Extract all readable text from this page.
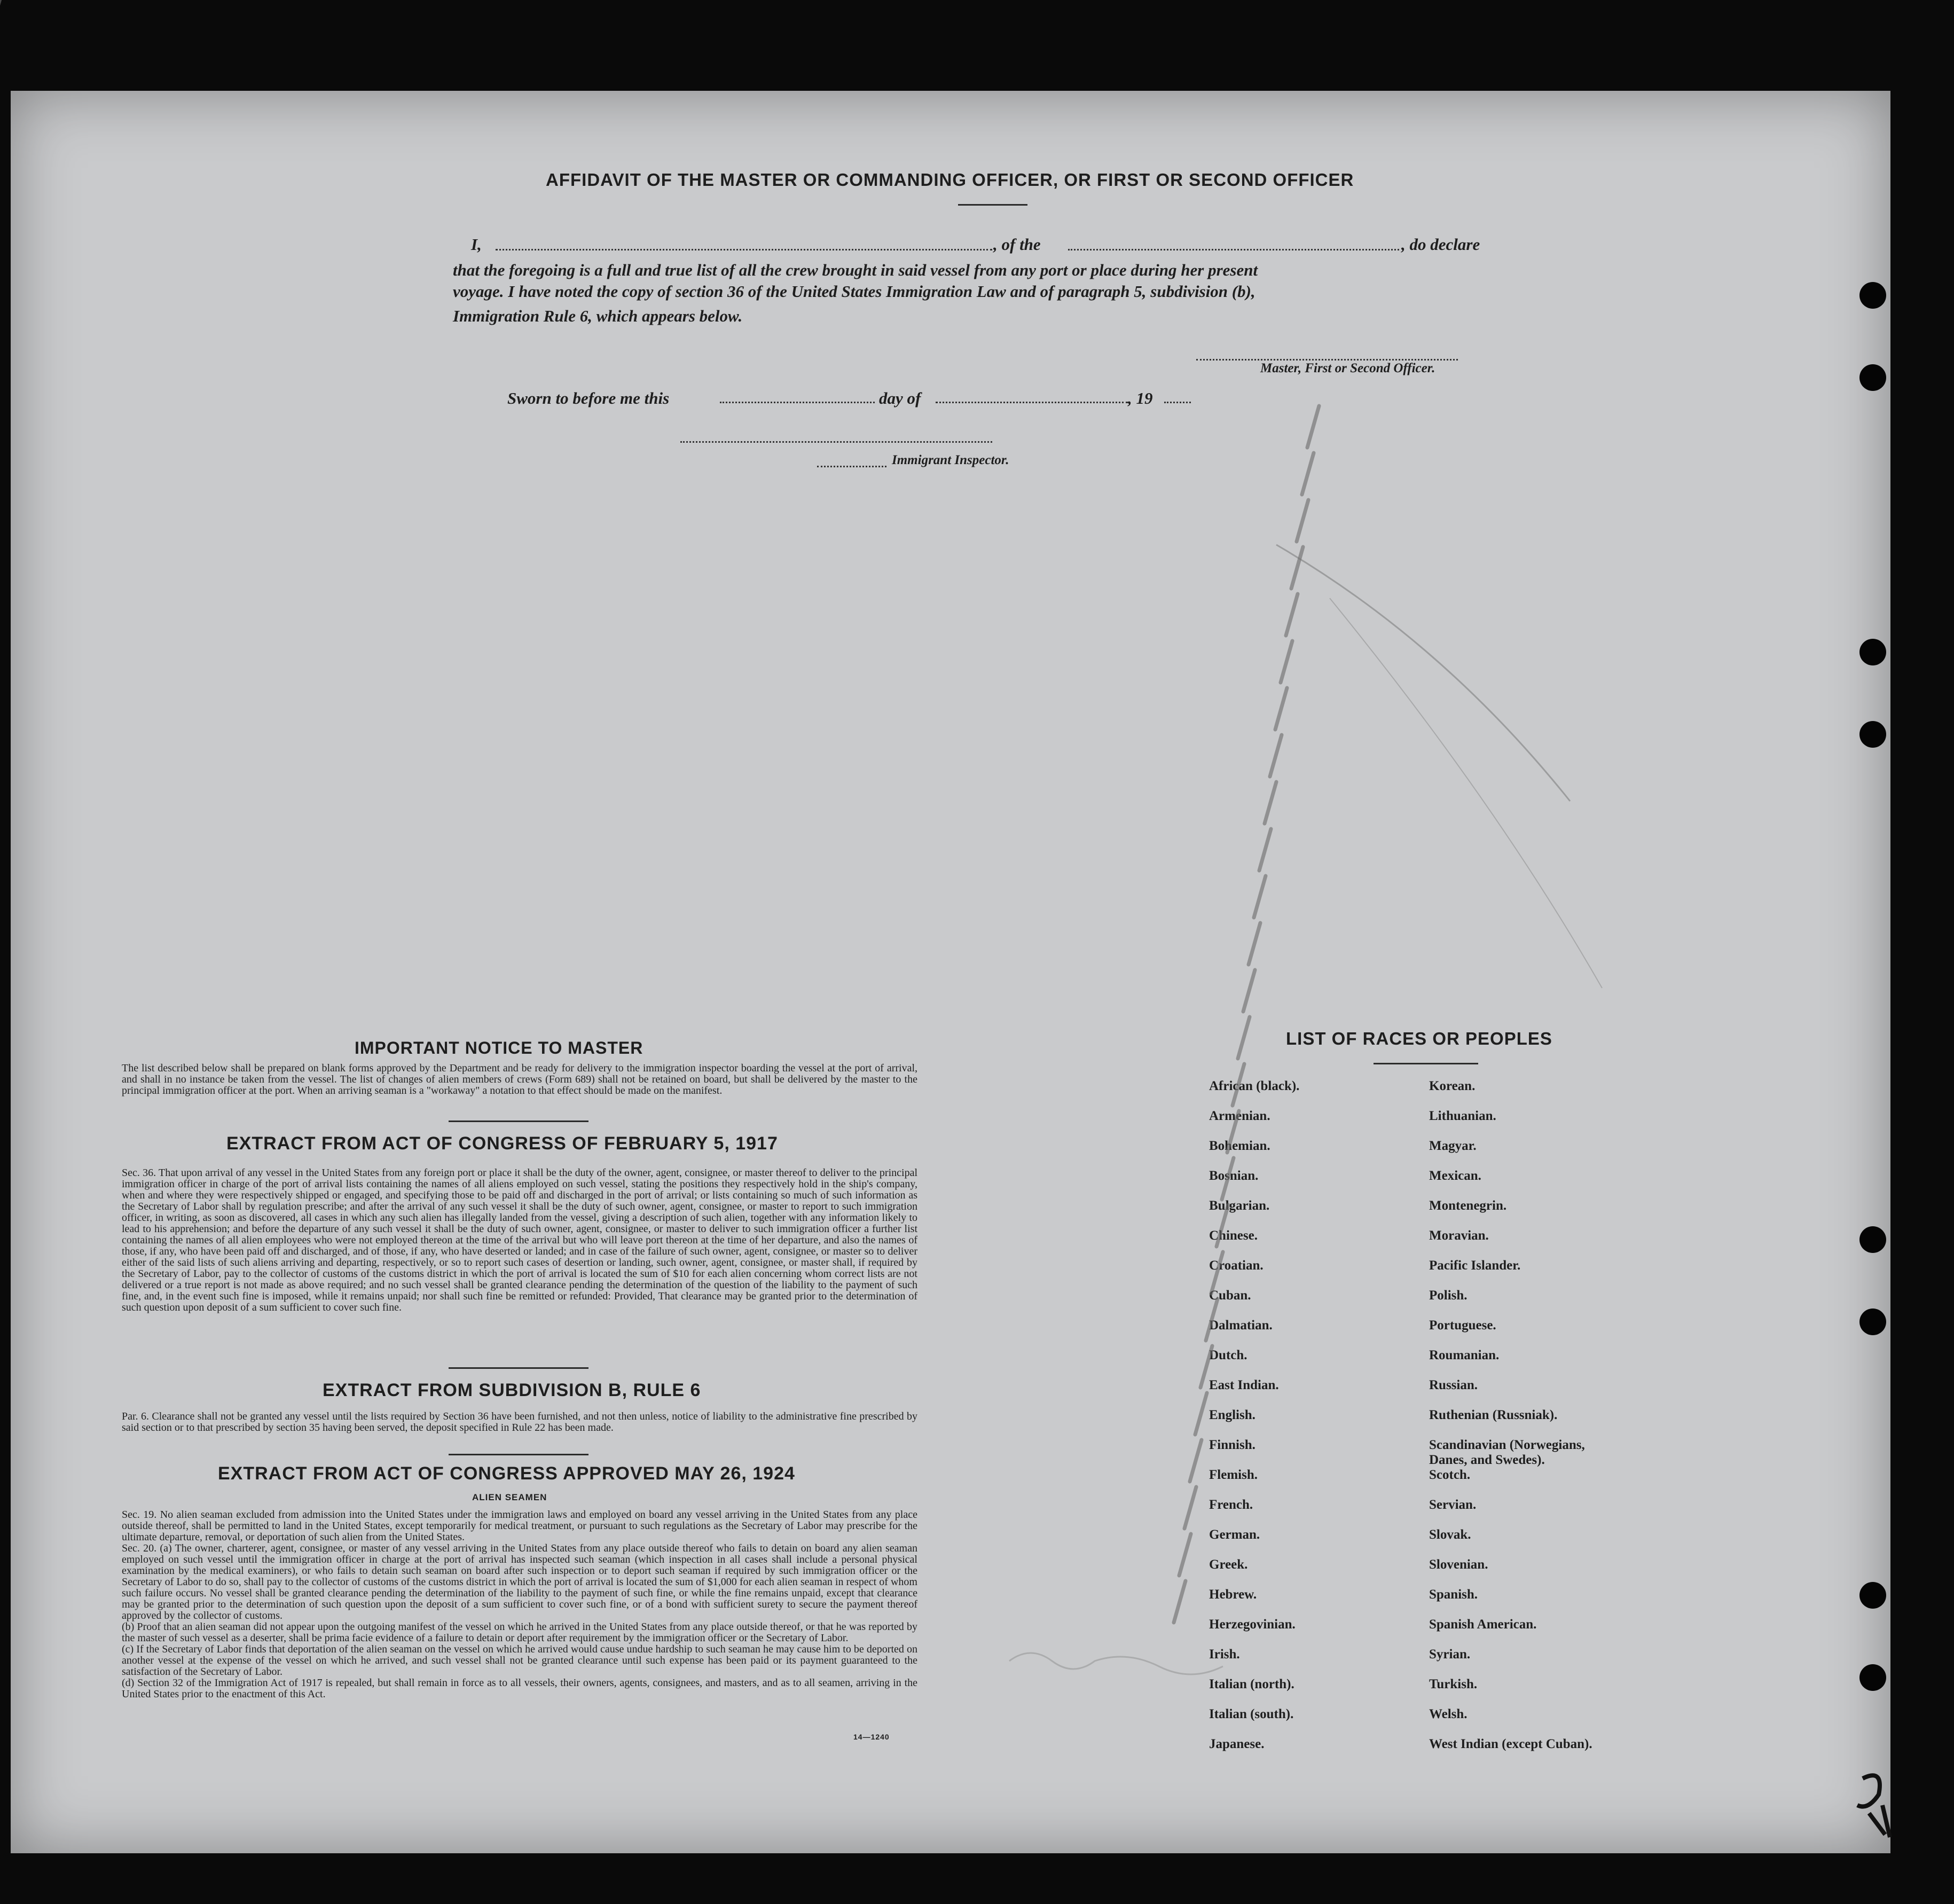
AFFIDAVIT OF THE MASTER OR COMMANDING OFFICER, OR FIRST OR SECOND OFFICER
I,	, of the	, do declare
that the foregoing is a full and true list of all the crew brought in said vessel from any port or place during her present
voyage. I have noted the copy of section 36 of the United States Immigration Law and of paragraph 5, subdivision (b),
Immigration Rule 6, which appears below.
Master, First or Second Officer.
Sworn to before me this	day of	, 19
Immigrant Inspector.
IMPORTANT NOTICE TO MASTER

The list described below shall be prepared on blank forms approved by the Department and be ready for delivery to the immigration inspector boarding the vessel at the port of arrival, and shall in no instance be taken from the vessel. The list of changes of alien members of crews (Form 689) shall not be retained on board, but shall be delivered by the master to the principal immigration officer at the port. When an arriving seaman is a "workaway" a notation to that effect should be made on the manifest.

EXTRACT FROM ACT OF CONGRESS OF FEBRUARY 5, 1917

Sec. 36. That upon arrival of any vessel in the United States from any foreign port or place it shall be the duty of the owner, agent, consignee, or master thereof to deliver to the principal immigration officer in charge of the port of arrival lists containing the names of all aliens employed on such vessel, stating the positions they respectively hold in the ship's company, when and where they were respectively shipped or engaged, and specifying those to be paid off and discharged in the port of arrival; or lists containing so much of such information as the Secretary of Labor shall by regulation prescribe; and after the arrival of any such vessel it shall be the duty of such owner, agent, consignee, or master to report to such immigration officer, in writing, as soon as discovered, all cases in which any such alien has illegally landed from the vessel, giving a description of such alien, together with any information likely to lead to his apprehension; and before the departure of any such vessel it shall be the duty of such owner, agent, consignee, or master to deliver to such immigration officer a further list containing the names of all alien employees who were not employed thereon at the time of the arrival but who will leave port thereon at the time of her departure, and also the names of those, if any, who have been paid off and discharged, and of those, if any, who have deserted or landed; and in case of the failure of such owner, agent, consignee, or master so to deliver either of the said lists of such aliens arriving and departing, respectively, or so to report such cases of desertion or landing, such owner, agent, consignee, or master shall, if required by the Secretary of Labor, pay to the collector of customs of the customs district in which the port of arrival is located the sum of $10 for each alien concerning whom correct lists are not delivered or a true report is not made as above required; and no such vessel shall be granted clearance pending the determination of the question of the liability to the payment of such fine, and, in the event such fine is imposed, while it remains unpaid; nor shall such fine be remitted or refunded: Provided, That clearance may be granted prior to the determination of such question upon deposit of a sum sufficient to cover such fine.

EXTRACT FROM SUBDIVISION B, RULE 6

Par. 6. Clearance shall not be granted any vessel until the lists required by Section 36 have been furnished, and not then unless, notice of liability to the administrative fine prescribed by said section or to that prescribed by section 35 having been served, the deposit specified in Rule 22 has been made.

EXTRACT FROM ACT OF CONGRESS APPROVED MAY 26, 1924
ALIEN SEAMEN

Sec. 19. No alien seaman excluded from admission into the United States under the immigration laws and employed on board any vessel arriving in the United States from any place outside thereof, shall be permitted to land in the United States, except temporarily for medical treatment, or pursuant to such regulations as the Secretary of Labor may prescribe for the ultimate departure, removal, or deportation of such alien from the United States.

Sec. 20. (a) The owner, charterer, agent, consignee, or master of any vessel arriving in the United States from any place outside thereof who fails to detain on board any alien seaman employed on such vessel until the immigration officer in charge at the port of arrival has inspected such seaman (which inspection in all cases shall include a personal physical examination by the medical examiners), or who fails to detain such seaman on board after such inspection or to deport such seaman if required by such immigration officer or the Secretary of Labor to do so, shall pay to the collector of customs of the customs district in which the port of arrival is located the sum of $1,000 for each alien seaman in respect of whom such failure occurs. No vessel shall be granted clearance pending the determination of the liability to the payment of such fine, or while the fine remains unpaid, except that clearance may be granted prior to the determination of such question upon the deposit of a sum sufficient to cover such fine, or of a bond with sufficient surety to secure the payment thereof approved by the collector of customs.

(b) Proof that an alien seaman did not appear upon the outgoing manifest of the vessel on which he arrived in the United States from any place outside thereof, or that he was reported by the master of such vessel as a deserter, shall be prima facie evidence of a failure to detain or deport after requirement by the immigration officer or the Secretary of Labor.

(c) If the Secretary of Labor finds that deportation of the alien seaman on the vessel on which he arrived would cause undue hardship to such seaman he may cause him to be deported on another vessel at the expense of the vessel on which he arrived, and such vessel shall not be granted clearance until such expense has been paid or its payment guaranteed to the satisfaction of the Secretary of Labor.

(d) Section 32 of the Immigration Act of 1917 is repealed, but shall remain in force as to all vessels, their owners, agents, consignees, and masters, and as to all seamen, arriving in the United States prior to the enactment of this Act.

14—1240
LIST OF RACES OR PEOPLES
African (black).
Armenian.
Bohemian.
Bosnian.
Bulgarian.
Chinese.
Croatian.
Cuban.
Dalmatian.
Dutch.
East Indian.
English.
Finnish.
Flemish.
French.
German.
Greek.
Hebrew.
Herzegovinian.
Irish.
Italian (north).
Italian (south).
Japanese.
Korean.
Lithuanian.
Magyar.
Mexican.
Montenegrin.
Moravian.
Pacific Islander.
Polish.
Portuguese.
Roumanian.
Russian.
Ruthenian (Russniak).
Scandinavian (Norwegians, Danes, and Swedes).
Scotch.
Servian.
Slovak.
Slovenian.
Spanish.
Spanish American.
Syrian.
Turkish.
Welsh.
West Indian (except Cuban).
